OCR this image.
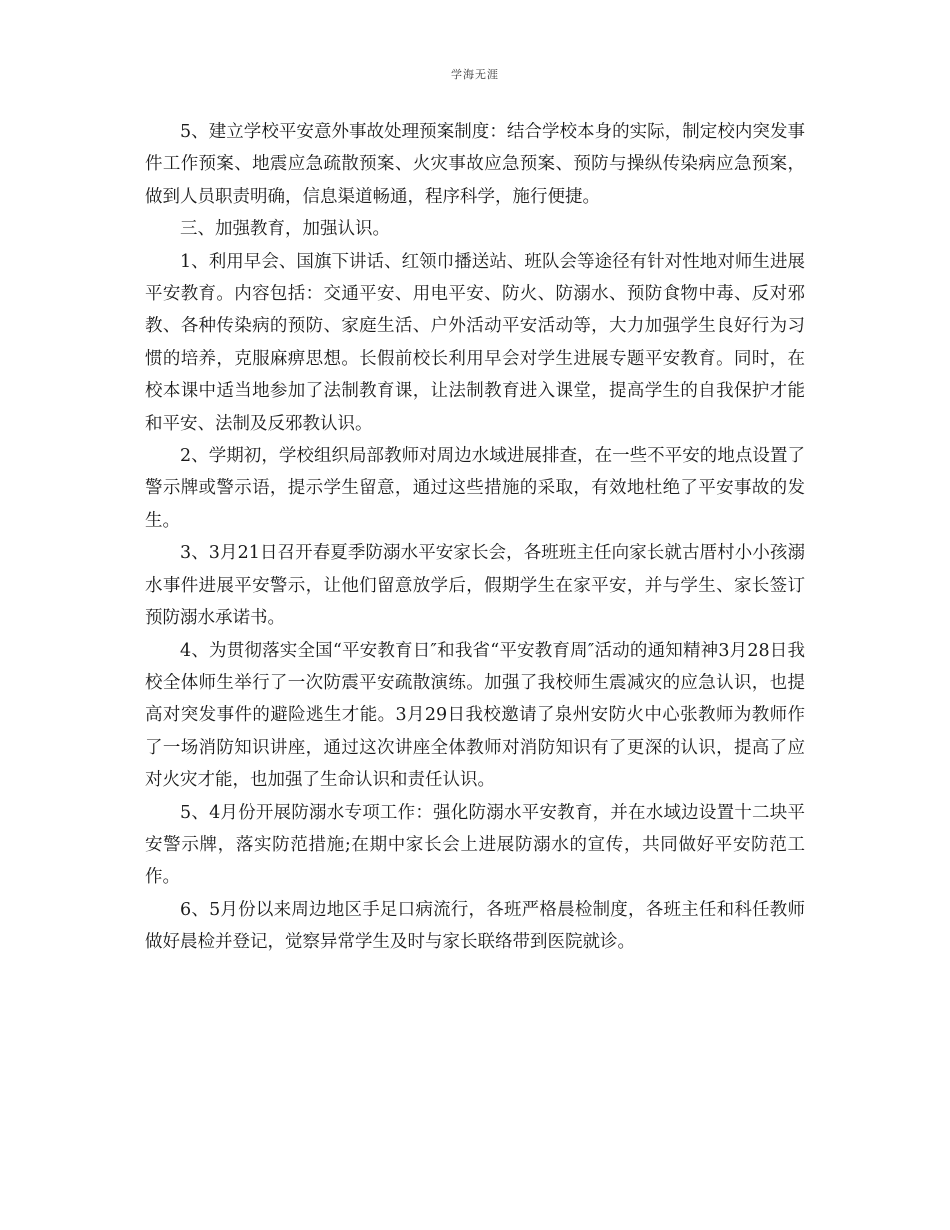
学海无涯

5、建立学校平安意外事故处理预案制度：结合学校本身的实际，制定校内突发事件工作预案、地震应急疏散预案、火灾事故应急预案、预防与操纵传染病应急预案，做到人员职责明确，信息渠道畅通，程序科学，施行便捷。

三、加强教育，加强认识。

1、利用早会、国旗下讲话、红领巾播送站、班队会等途径有针对性地对师生进展平安教育。内容包括：交通平安、用电平安、防火、防溺水、预防食物中毒、反对邪教、各种传染病的预防、家庭生活、户外活动平安活动等，大力加强学生良好行为习惯的培养，克服麻痹思想。长假前校长利用早会对学生进展专题平安教育。同时，在校本课中适当地参加了法制教育课，让法制教育进入课堂，提高学生的自我保护才能和平安、法制及反邪教认识。

2、学期初，学校组织局部教师对周边水域进展排查，在一些不平安的地点设置了警示牌或警示语，提示学生留意，通过这些措施的采取，有效地杜绝了平安事故的发生。

3、3月21日召开春夏季防溺水平安家长会，各班班主任向家长就古厝村小小孩溺水事件进展平安警示，让他们留意放学后，假期学生在家平安，并与学生、家长签订预防溺水承诺书。

4、为贯彻落实全国“平安教育日″和我省“平安教育周″活动的通知精神3月28日我校全体师生举行了一次防震平安疏散演练。加强了我校师生震减灾的应急认识，也提高对突发事件的避险逃生才能。3月29日我校邀请了泉州安防火中心张教师为教师作了一场消防知识讲座，通过这次讲座全体教师对消防知识有了更深的认识，提高了应对火灾才能，也加强了生命认识和责任认识。

5、4月份开展防溺水专项工作：强化防溺水平安教育，并在水域边设置十二块平安警示牌，落实防范措施;在期中家长会上进展防溺水的宣传，共同做好平安防范工作。

6、5月份以来周边地区手足口病流行，各班严格晨检制度，各班主任和科任教师做好晨检并登记，觉察异常学生及时与家长联络带到医院就诊。
